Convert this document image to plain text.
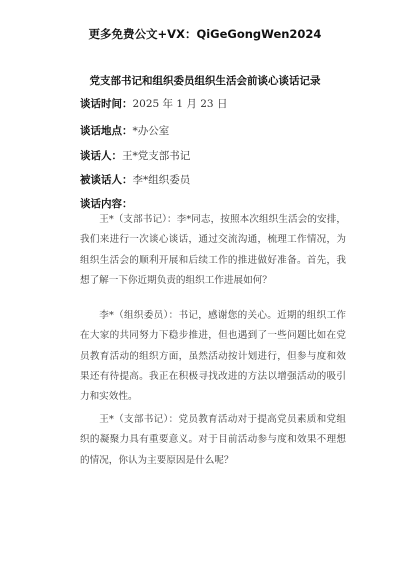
更多免费公文+VX：QiGeGongWen2024
党支部书记和组织委员组织生活会前谈心谈话记录
谈话时间：2025 年 1 月 23 日
谈话地点：*办公室
谈话人：王*党支部书记
被谈话人：李*组织委员
谈话内容：

王*（支部书记）：李*同志，按照本次组织生活会的安排，我们来进行一次谈心谈话，通过交流沟通，梳理工作情况，为组织生活会的顺利开展和后续工作的推进做好准备。首先，我想了解一下你近期负责的组织工作进展如何？

李*（组织委员）：书记，感谢您的关心。近期的组织工作在大家的共同努力下稳步推进，但也遇到了一些问题比如在党员教育活动的组织方面，虽然活动按计划进行，但参与度和效果还有待提高。我正在积极寻找改进的方法以增强活动的吸引力和实效性。

王*（支部书记）：党员教育活动对于提高党员素质和党组织的凝聚力具有重要意义。对于目前活动参与度和效果不理想的情况，你认为主要原因是什么呢？
